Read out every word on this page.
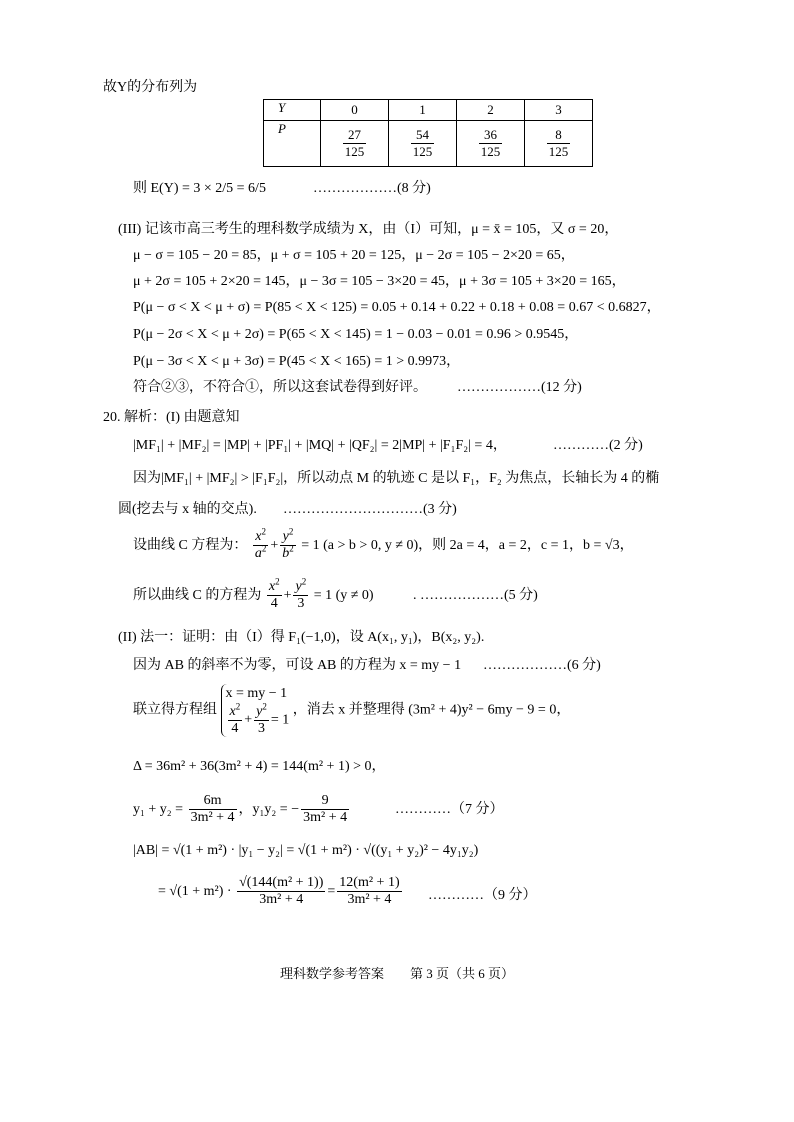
故Y的分布列为
Y	0	1	2	3
P	$\frac{27}{125}$	$\frac{54}{125}$	$\frac{36}{125}$	$\frac{8}{125}$
则 E(Y) = 3 × 2/5 = 6/5	………………(8 分)
(III) 记该市高三考生的理科数学成绩为 X，由（I）可知，μ = x̄ = 105，又 σ = 20，
μ − σ = 105 − 20 = 85，μ + σ = 105 + 20 = 125，μ − 2σ = 105 − 2×20 = 65，
μ + 2σ = 105 + 2×20 = 145，μ − 3σ = 105 − 3×20 = 45，μ + 3σ = 105 + 3×20 = 165，
P(μ − σ < X < μ + σ) = P(85 < X < 125) = 0.05 + 0.14 + 0.22 + 0.18 + 0.08 = 0.67 < 0.6827，
P(μ − 2σ < X < μ + 2σ) = P(65 < X < 145) = 1 − 0.03 − 0.01 = 0.96 > 0.9545，
P(μ − 3σ < X < μ + 3σ) = P(45 < X < 165) = 1 > 0.9973，
符合②③，不符合①，所以这套试卷得到好评。 ………………(12 分)
20. 解析：(I) 由题意知
|MF₁| + |MF₂| = |MP| + |PF₁| + |MQ| + |QF₂| = 2|MP| + |F₁F₂| = 4，	…………(2 分)
因为|MF₁| + |MF₂| > |F₁F₂|，所以动点 M 的轨迹 C 是以 F₁，F₂ 为焦点，长轴长为 4 的椭
圆(挖去与 x 轴的交点). …………………………(3 分)
设曲线 C 方程为： $\frac{x^2}{a^2} + \frac{y^2}{b^2} = 1$ (a > b > 0, y ≠ 0)，则 2a = 4，a = 2，c = 1，b = √3，
所以曲线 C 的方程为 $\frac{x^2}{4} + \frac{y^2}{3} = 1$ (y ≠ 0)	. ………………(5 分)
(II) 法一：证明：由（I）得 F₁(−1,0)，设 A(x₁, y₁)，B(x₂, y₂).
因为 AB 的斜率不为零，可设 AB 的方程为 x = my − 1 ………………(6 分)
联立得方程组
x = my − 1
$\frac{x^2}{4} + \frac{y^2}{3} = 1$
，消去 x 并整理得 (3m² + 4)y² − 6my − 9 = 0，
Δ = 36m² + 36(3m² + 4) = 144(m² + 1) > 0，
$y_1 + y_2 = \frac{6m}{\text{3m² + 4}}$ ，y₁y₂ = − $\frac{9}{\text{3m² + 4}}$	…………（7 分）
|AB| = √(1 + m²) · |y₁ − y₂| = √(1 + m²) · √((y₁ + y₂)² − 4y₁y₂)
= $√(1 + m^2) \cdot \frac{\text{√(144(m² + 1))}}{\text{3m² + 4}} = \frac{\text{12(m² + 1)}}{\text{3m² + 4}}$ …………（9 分）
理科数学参考答案　　第 3 页（共 6 页）
